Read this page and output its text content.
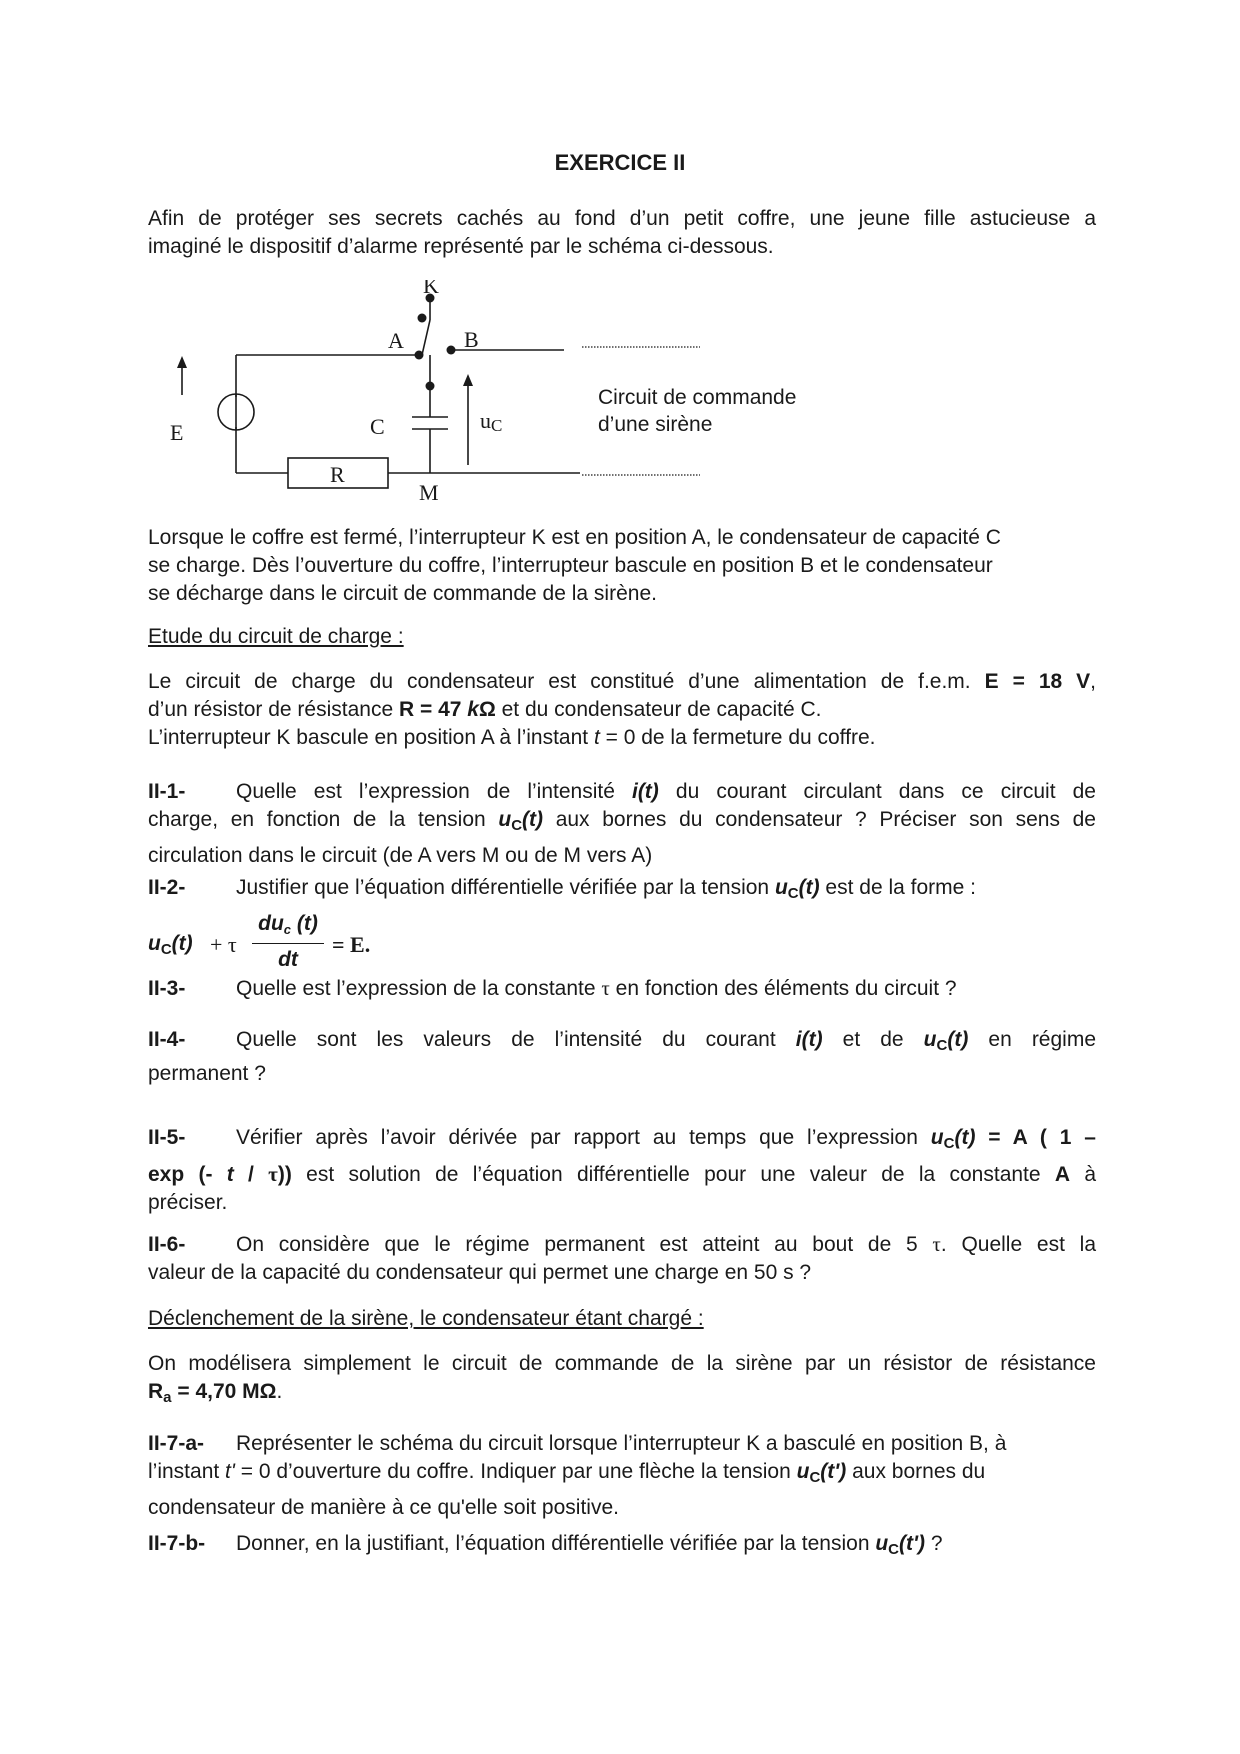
EXERCICE II
Afin de protéger ses secrets cachés au fond d’un petit coffre, une jeune fille astucieuse a
imaginé le dispositif d’alarme représenté par le schéma ci-dessous.
K
A	B
E	C	uC
R
M
Circuit de commande
d’une sirène
Lorsque le coffre est fermé, l’interrupteur K est en position A, le condensateur de capacité C
se charge. Dès l’ouverture du coffre, l’interrupteur bascule en position B et le condensateur
se décharge dans le circuit de commande de la sirène.
Etude du circuit de charge :
Le circuit de charge du condensateur est constitué d’une alimentation de f.e.m. E = 18 V,
d’un résistor de résistance R = 47 kΩ et du condensateur de capacité C.
L’interrupteur K bascule en position A à l’instant t = 0 de la fermeture du coffre.
II-1- Quelle est l’expression de l’intensité i(t) du courant circulant dans ce circuit de
charge, en fonction de la tension $u_C(t)$ aux bornes du condensateur ? Préciser son sens de
circulation dans le circuit (de A vers M ou de M vers A)
II-2- Justifier que l’équation différentielle vérifiée par la tension $u_C(t)$ est de la forme :
$u_C(t) + \tau$
$du_c$ (t)
dt
= E.
II-3- Quelle est l’expression de la constante τ en fonction des éléments du circuit ?
II-4- Quelle sont les valeurs de l’intensité du courant i(t) et de $u_C(t)$ en régime
permanent ?
II-5- Vérifier après l’avoir dérivée par rapport au temps que l’expression $u_C(t) = A$ ( 1 –
exp (- t / τ)) est solution de l’équation différentielle pour une valeur de la constante A à
préciser.
II-6- On considère que le régime permanent est atteint au bout de 5 τ. Quelle est la
valeur de la capacité du condensateur qui permet une charge en 50 s ?
Déclenchement de la sirène, le condensateur étant chargé :
On modélisera simplement le circuit de commande de la sirène par un résistor de résistance
$R_a = 4,70$ MΩ.
II-7-a- Représenter le schéma du circuit lorsque l’interrupteur K a basculé en position B, à
l’instant t' = 0 d’ouverture du coffre. Indiquer par une flèche la tension $u_C(t')$ aux bornes du
condensateur de manière à ce qu'elle soit positive.
II-7-b- Donner, en la justifiant, l’équation différentielle vérifiée par la tension $u_C(t')$ ?
